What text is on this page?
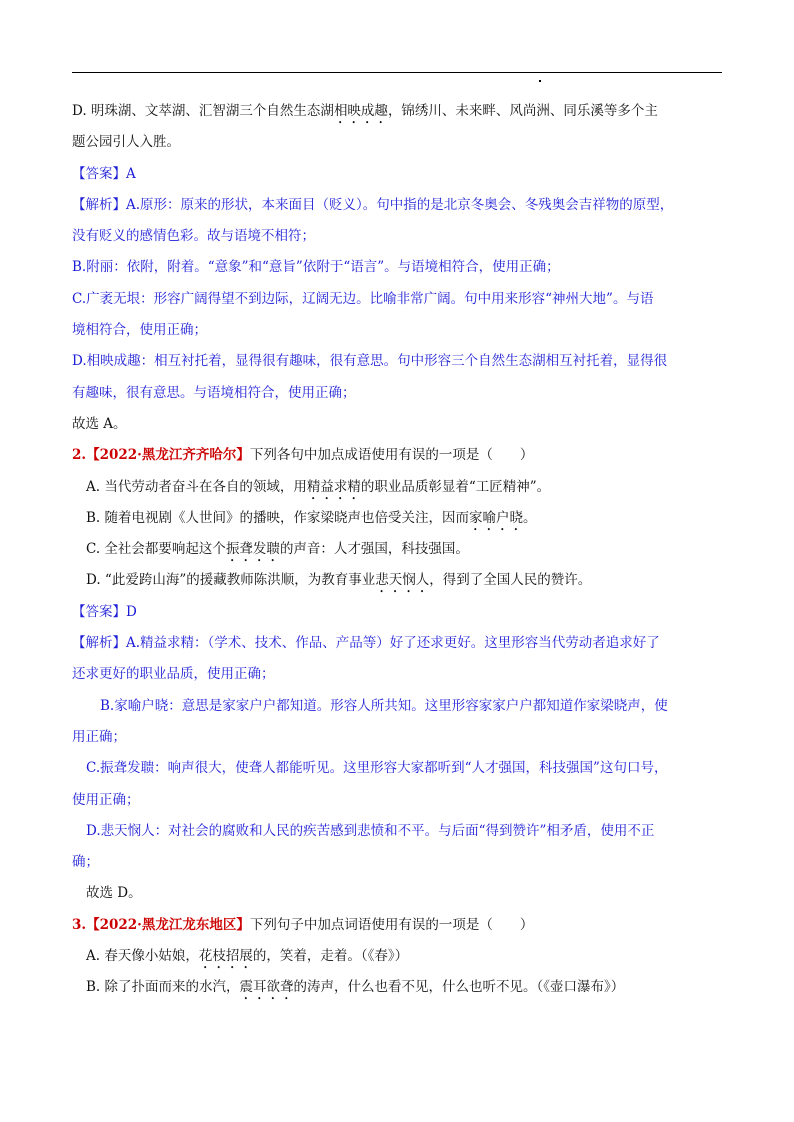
D. 明珠湖、文萃湖、汇智湖三个自然生态湖相映成趣，锦绣川、未来畔、风尚洲、同乐溪等多个主

题公园引人入胜。

【答案】A

【解析】A.原形：原来的形状，本来面目（贬义）。句中指的是北京冬奥会、冬残奥会吉祥物的原型，

没有贬义的感情色彩。故与语境不相符；

B.附丽：依附，附着。“意象”和“意旨”依附于“语言”。与语境相符合，使用正确；

C.广袤无垠：形容广阔得望不到边际，辽阔无边。比喻非常广阔。句中用来形容“神州大地”。与语

境相符合，使用正确；

D.相映成趣：相互衬托着，显得很有趣味，很有意思。句中形容三个自然生态湖相互衬托着，显得很

有趣味，很有意思。与语境相符合，使用正确；

故选 A。

2.【2022·黑龙江齐齐哈尔】下列各句中加点成语使用有误的一项是（　　）

A. 当代劳动者奋斗在各自的领域，用精益求精的职业品质彰显着“工匠精神”。

B. 随着电视剧《人世间》的播映，作家梁晓声也倍受关注，因而家喻户晓。

C. 全社会都要响起这个振聋发聩的声音：人才强国，科技强国。

D. “此爱跨山海”的援藏教师陈洪顺，为教育事业悲天悯人，得到了全国人民的赞许。

【答案】D

【解析】A.精益求精：（学术、技术、作品、产品等）好了还求更好。这里形容当代劳动者追求好了

还求更好的职业品质，使用正确；

B.家喻户晓：意思是家家户户都知道。形容人所共知。这里形容家家户户都知道作家梁晓声，使

用正确；

C.振聋发聩：响声很大，使聋人都能听见。这里形容大家都听到“人才强国，科技强国”这句口号，

使用正确；

D.悲天悯人：对社会的腐败和人民的疾苦感到悲愤和不平。与后面“得到赞许”相矛盾，使用不正

确；

故选 D。

3.【2022·黑龙江龙东地区】下列句子中加点词语使用有误的一项是（　　）

A. 春天像小姑娘，花枝招展的，笑着，走着。（《春》）

B. 除了扑面而来的水汽，震耳欲聋的涛声，什么也看不见，什么也听不见。（《壶口瀑布》）
